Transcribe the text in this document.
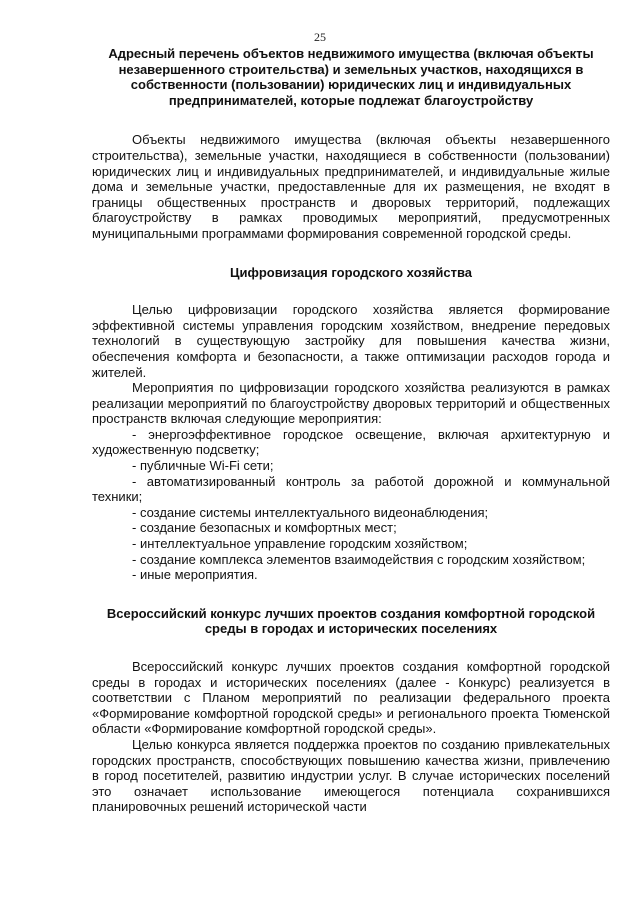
25

Адресный перечень объектов недвижимого имущества (включая объекты незавершенного строительства) и земельных участков, находящихся в собственности (пользовании) юридических лиц и индивидуальных предпринимателей, которые подлежат благоустройству

Объекты недвижимого имущества (включая объекты незавершенного строительства), земельные участки, находящиеся в собственности (пользовании) юридических лиц и индивидуальных предпринимателей, и индивидуальные жилые дома и земельные участки, предоставленные для их размещения, не входят в границы общественных пространств и дворовых территорий, подлежащих благоустройству в рамках проводимых мероприятий, предусмотренных муниципальными программами формирования современной городской среды.

Цифровизация городского хозяйства

Целью цифровизации городского хозяйства является формирование эффективной системы управления городским хозяйством, внедрение передовых технологий в существующую застройку для повышения качества жизни, обеспечения комфорта и безопасности, а также оптимизации расходов города и жителей.

Мероприятия по цифровизации городского хозяйства реализуются в рамках реализации мероприятий по благоустройству дворовых территорий и общественных пространств включая следующие мероприятия:

- энергоэффективное городское освещение, включая архитектурную и художественную подсветку;

- публичные Wi-Fi сети;

- автоматизированный контроль за работой дорожной и коммунальной техники;

- создание системы интеллектуального видеонаблюдения;

- создание безопасных и комфортных мест;

- интеллектуальное управление городским хозяйством;

- создание комплекса элементов взаимодействия с городским хозяйством;

- иные мероприятия.

Всероссийский конкурс лучших проектов создания комфортной городской среды в городах и исторических поселениях

Всероссийский конкурс лучших проектов создания комфортной городской среды в городах и исторических поселениях (далее - Конкурс) реализуется в соответствии с Планом мероприятий по реализации федерального проекта «Формирование комфортной городской среды» и регионального проекта Тюменской области «Формирование комфортной городской среды».

Целью конкурса является поддержка проектов по созданию привлекательных городских пространств, способствующих повышению качества жизни, привлечению в город посетителей, развитию индустрии услуг. В случае исторических поселений это означает использование имеющегося потенциала сохранившихся планировочных решений исторической части
